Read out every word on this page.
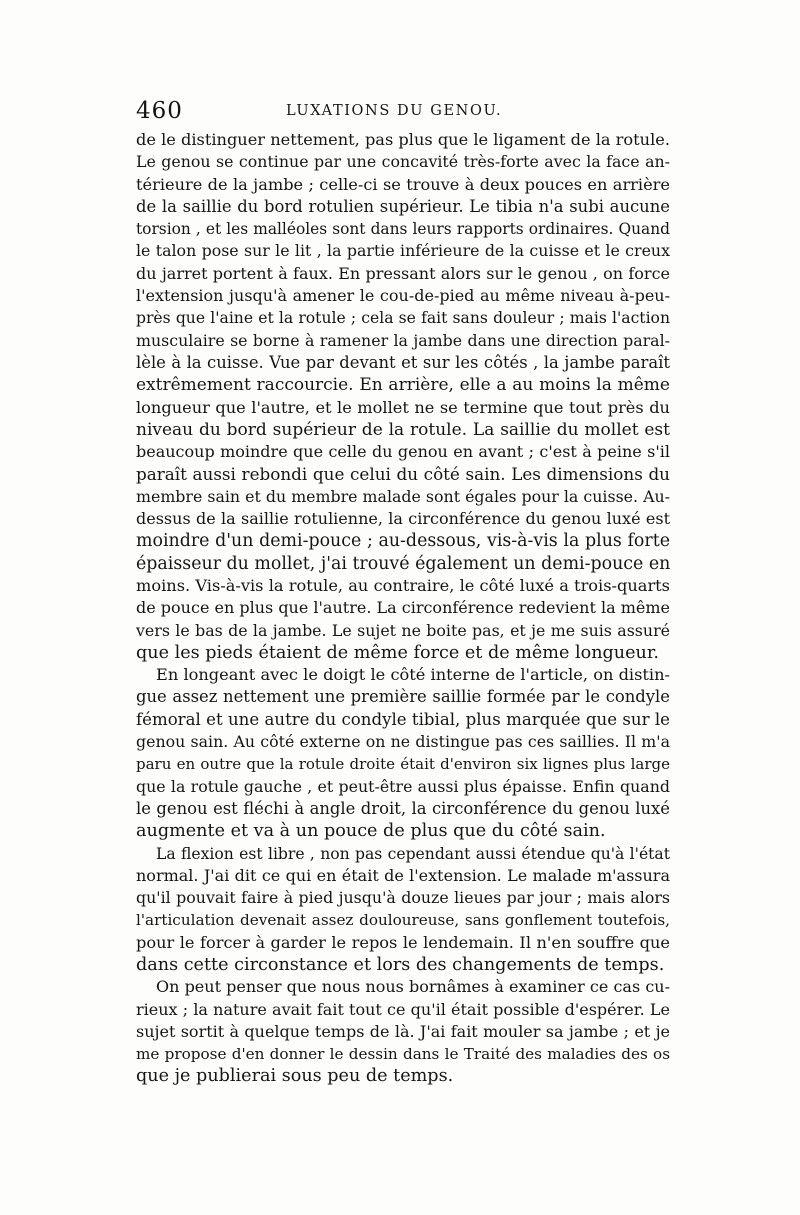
460	LUXATIONS DU GENOU.
de le distinguer nettement, pas plus que le ligament de la rotule.
Le genou se continue par une concavité très-forte avec la face an-
térieure de la jambe ; celle-ci se trouve à deux pouces en arrière
de la saillie du bord rotulien supérieur. Le tibia n'a subi aucune
torsion , et les malléoles sont dans leurs rapports ordinaires. Quand
le talon pose sur le lit , la partie inférieure de la cuisse et le creux
du jarret portent à faux. En pressant alors sur le genou , on force
l'extension jusqu'à amener le cou-de-pied au même niveau à-peu-
près que l'aine et la rotule ; cela se fait sans douleur ; mais l'action
musculaire se borne à ramener la jambe dans une direction paral-
lèle à la cuisse. Vue par devant et sur les côtés , la jambe paraît
extrêmement raccourcie. En arrière, elle a au moins la même
longueur que l'autre, et le mollet ne se termine que tout près du
niveau du bord supérieur de la rotule. La saillie du mollet est
beaucoup moindre que celle du genou en avant ; c'est à peine s'il
paraît aussi rebondi que celui du côté sain. Les dimensions du
membre sain et du membre malade sont égales pour la cuisse. Au-
dessus de la saillie rotulienne, la circonférence du genou luxé est
moindre d'un demi-pouce ; au-dessous, vis-à-vis la plus forte
épaisseur du mollet, j'ai trouvé également un demi-pouce en
moins. Vis-à-vis la rotule, au contraire, le côté luxé a trois-quarts
de pouce en plus que l'autre. La circonférence redevient la même
vers le bas de la jambe. Le sujet ne boite pas, et je me suis assuré
que les pieds étaient de même force et de même longueur.
En longeant avec le doigt le côté interne de l'article, on distin-
gue assez nettement une première saillie formée par le condyle
fémoral et une autre du condyle tibial, plus marquée que sur le
genou sain. Au côté externe on ne distingue pas ces saillies. Il m'a
paru en outre que la rotule droite était d'environ six lignes plus large
que la rotule gauche , et peut-être aussi plus épaisse. Enfin quand
le genou est fléchi à angle droit, la circonférence du genou luxé
augmente et va à un pouce de plus que du côté sain.
La flexion est libre , non pas cependant aussi étendue qu'à l'état
normal. J'ai dit ce qui en était de l'extension. Le malade m'assura
qu'il pouvait faire à pied jusqu'à douze lieues par jour ; mais alors
l'articulation devenait assez douloureuse, sans gonflement toutefois,
pour le forcer à garder le repos le lendemain. Il n'en souffre que
dans cette circonstance et lors des changements de temps.
On peut penser que nous nous bornâmes à examiner ce cas cu-
rieux ; la nature avait fait tout ce qu'il était possible d'espérer. Le
sujet sortit à quelque temps de là. J'ai fait mouler sa jambe ; et je
me propose d'en donner le dessin dans le Traité des maladies des os
que je publierai sous peu de temps.
